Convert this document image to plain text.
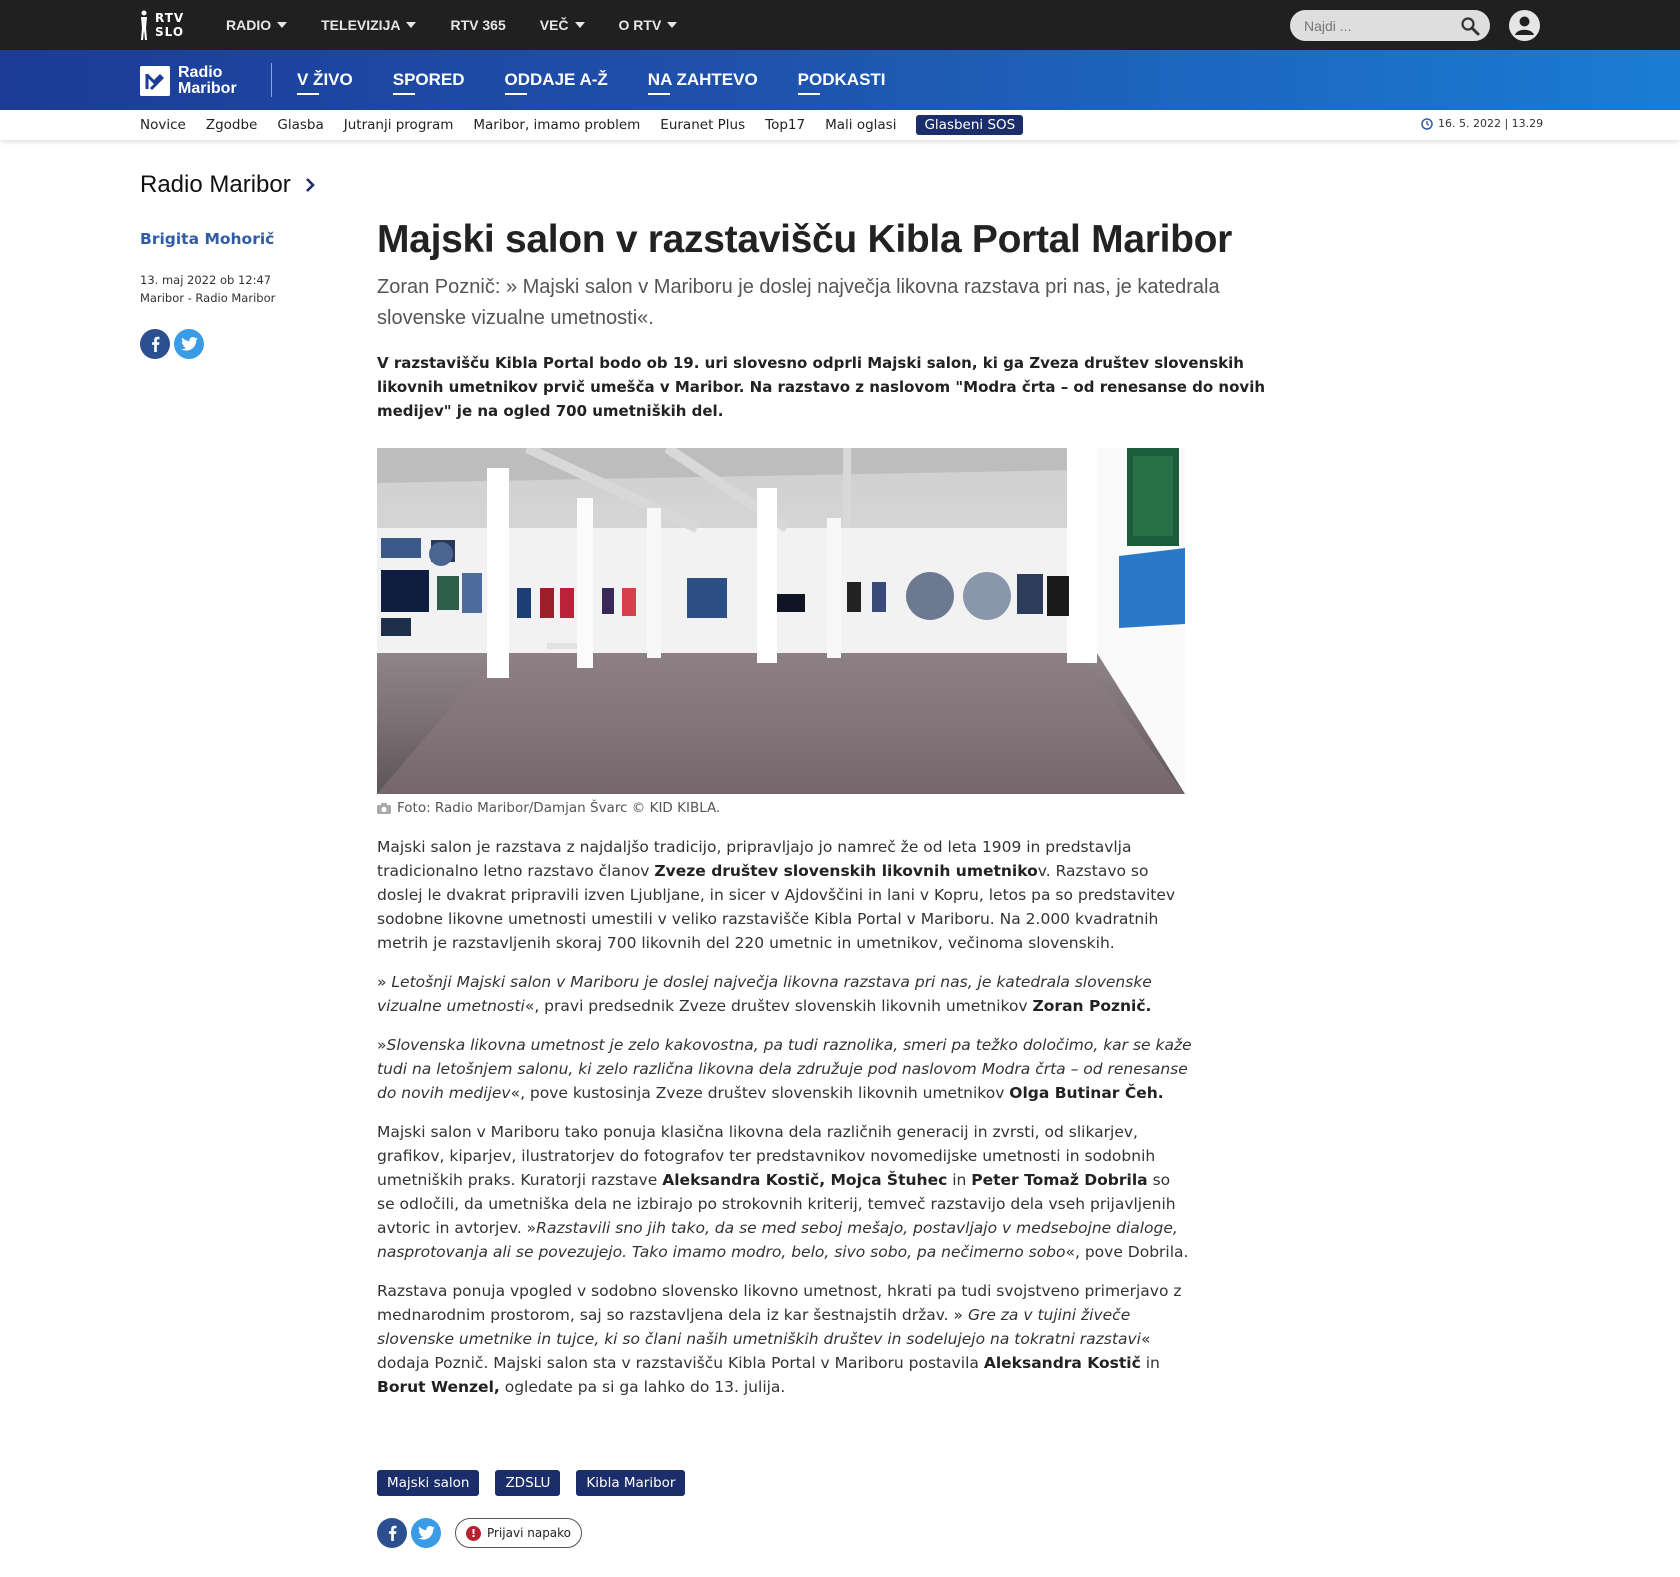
RTV
SLO	RADIO	TELEVIZIJA	RTV 365 VEČ	O RTV
Najdi ...
Radio
Maribor	V ŽIVO SPORED ODDAJE A-Ž NA ZAHTEVO PODKASTI
Novice Zgodbe Glasba Jutranji program Maribor, imamo problem Euranet Plus Top17 Mali oglasi	Glasbeni SOS	16. 5. 2022 | 13.29
Radio Maribor
Brigita Mohorič
13. maj 2022 ob 12:47
Maribor - Radio Maribor
Majski salon v razstavišču Kibla Portal Maribor

Zoran Poznič: » Majski salon v Mariboru je doslej največja likovna razstava pri nas, je katedrala slovenske vizualne umetnosti«.

V razstavišču Kibla Portal bodo ob 19. uri slovesno odprli Majski salon, ki ga Zveza društev slovenskih likovnih umetnikov prvič umešča v Maribor. Na razstavo z naslovom "Modra črta – od renesanse do novih medijev" je na ogled 700 umetniških del.

Foto: Radio Maribor/Damjan Švarc © KID KIBLA.

Majski salon je razstava z najdaljšo tradicijo, pripravljajo jo namreč že od leta 1909 in predstavlja tradicionalno letno razstavo članov Zveze društev slovenskih likovnih umetnikov. Razstavo so doslej le dvakrat pripravili izven Ljubljane, in sicer v Ajdovščini in lani v Kopru, letos pa so predstavitev sodobne likovne umetnosti umestili v veliko razstavišče Kibla Portal v Mariboru. Na 2.000 kvadratnih metrih je razstavljenih skoraj 700 likovnih del 220 umetnic in umetnikov, večinoma slovenskih.

» Letošnji Majski salon v Mariboru je doslej največja likovna razstava pri nas, je katedrala slovenske vizualne umetnosti«, pravi predsednik Zveze društev slovenskih likovnih umetnikov Zoran Poznič.

»Slovenska likovna umetnost je zelo kakovostna, pa tudi raznolika, smeri pa težko določimo, kar se kaže tudi na letošnjem salonu, ki zelo različna likovna dela združuje pod naslovom Modra črta – od renesanse do novih medijev«, pove kustosinja Zveze društev slovenskih likovnih umetnikov Olga Butinar Čeh.

Majski salon v Mariboru tako ponuja klasična likovna dela različnih generacij in zvrsti, od slikarjev, grafikov, kiparjev, ilustratorjev do fotografov ter predstavnikov novomedijske umetnosti in sodobnih umetniških praks. Kuratorji razstave Aleksandra Kostič, Mojca Štuhec in Peter Tomaž Dobrila so se odločili, da umetniška dela ne izbirajo po strokovnih kriterij, temveč razstavijo dela vseh prijavljenih avtoric in avtorjev. »Razstavili sno jih tako, da se med seboj mešajo, postavljajo v medsebojne dialoge, nasprotovanja ali se povezujejo. Tako imamo modro, belo, sivo sobo, pa nečimerno sobo«, pove Dobrila.

Razstava ponuja vpogled v sodobno slovensko likovno umetnost, hkrati pa tudi svojstveno primerjavo z mednarodnim prostorom, saj so razstavljena dela iz kar šestnajstih držav. » Gre za v tujini živeče slovenske umetnike in tujce, ki so člani naših umetniških društev in sodelujejo na tokratni razstavi« dodaja Poznič. Majski salon sta v razstavišču Kibla Portal v Mariboru postavila Aleksandra Kostič in Borut Wenzel, ogledate pa si ga lahko do 13. julija.

Majski salon	ZDSLU	Kibla Maribor
! Prijavi napako
